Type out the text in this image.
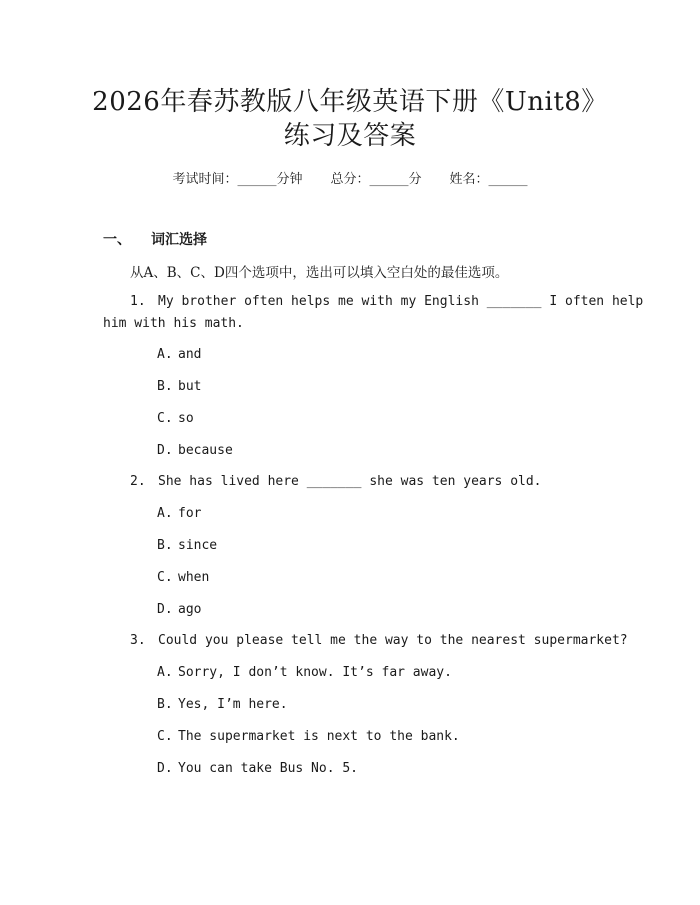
2026年春苏教版八年级英语下册《Unit8》
练习及答案
考试时间：______分钟 总分：______分 姓名：______
一、 词汇选择
从A、B、C、D四个选项中，选出可以填入空白处的最佳选项。
1. My brother often helps me with my English _______ I often help
him with his math.
A. and
B. but
C. so
D. because
2. She has lived here _______ she was ten years old.
A. for
B. since
C. when
D. ago
3. Could you please tell me the way to the nearest supermarket?
A. Sorry, I don’t know. It’s far away.
B. Yes, I’m here.
C. The supermarket is next to the bank.
D. You can take Bus No. 5.
